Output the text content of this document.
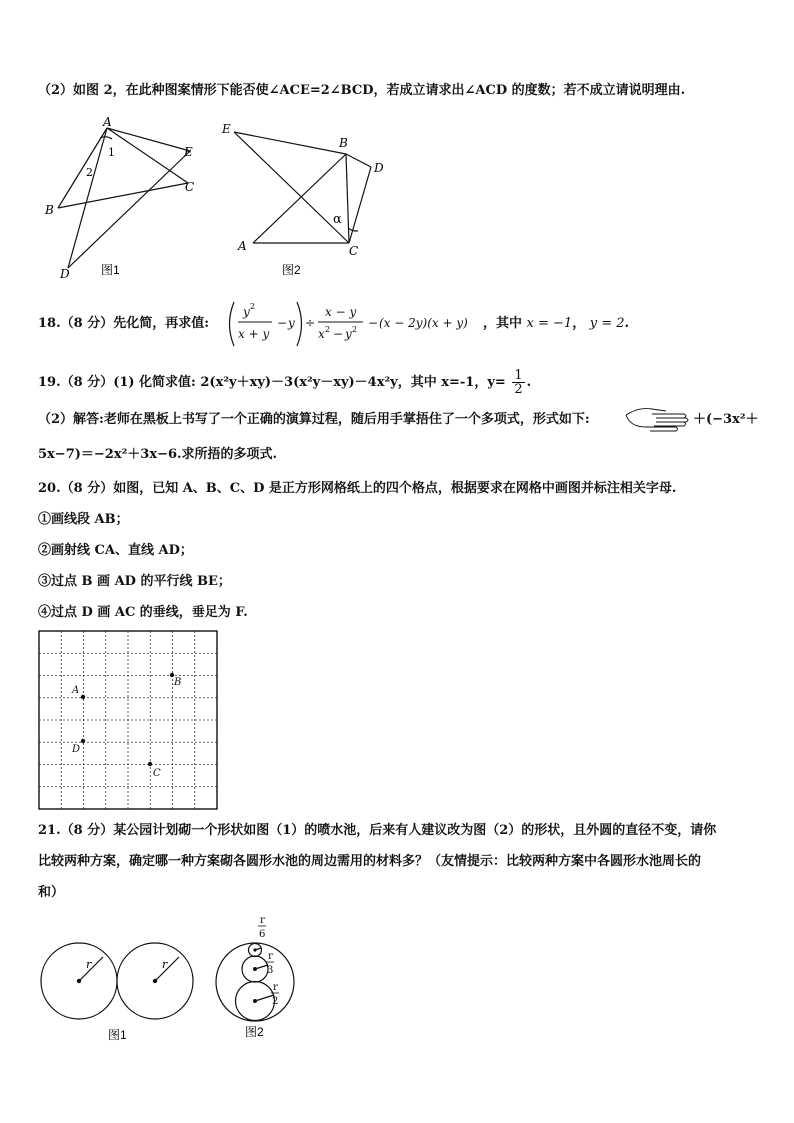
（2）如图 2，在此种图案情形下能否使∠ACE=2∠BCD，若成立请求出∠ACD 的度数；若不成立请说明理由.
A
1
2
E
C
B
D	图1
E
B
D
α
A	C
图2
18.（8 分）先化简，再求值:
y 2
x + y
− y ÷
x − y
x 2 − y 2 − (x − 2y)(x + y) ，其中 x = −1， y = 2.
19.（8 分）(1) 化简求值: 2(x²y＋xy)－3(x²y－xy)－4x²y，其中 x=-1，$y= \frac{1}{2}$ .
（2）解答:老师在黑板上书写了一个正确的演算过程，随后用手掌捂住了一个多项式，形式如下:	＋(−3x²＋
5x−7)＝−2x²＋3x−6.求所捂的多项式.
20.（8 分）如图，已知 A、B、C、D 是正方形网格纸上的四个格点，根据要求在网格中画图并标注相关字母.
①画线段 AB；
②画射线 CA、直线 AD；
③过点 B 画 AD 的平行线 BE；
④过点 D 画 AC 的垂线，垂足为 F.
A
B
D
C
21.（8 分）某公园计划砌一个形状如图（1）的喷水池，后来有人建议改为图（2）的形状，且外圆的直径不变，请你
比较两种方案，确定哪一种方案砌各圆形水池的周边需用的材料多？（友情提示：比较两种方案中各圆形水池周长的
和）
r	r
图1
r
6
r
3
r
2
图2
